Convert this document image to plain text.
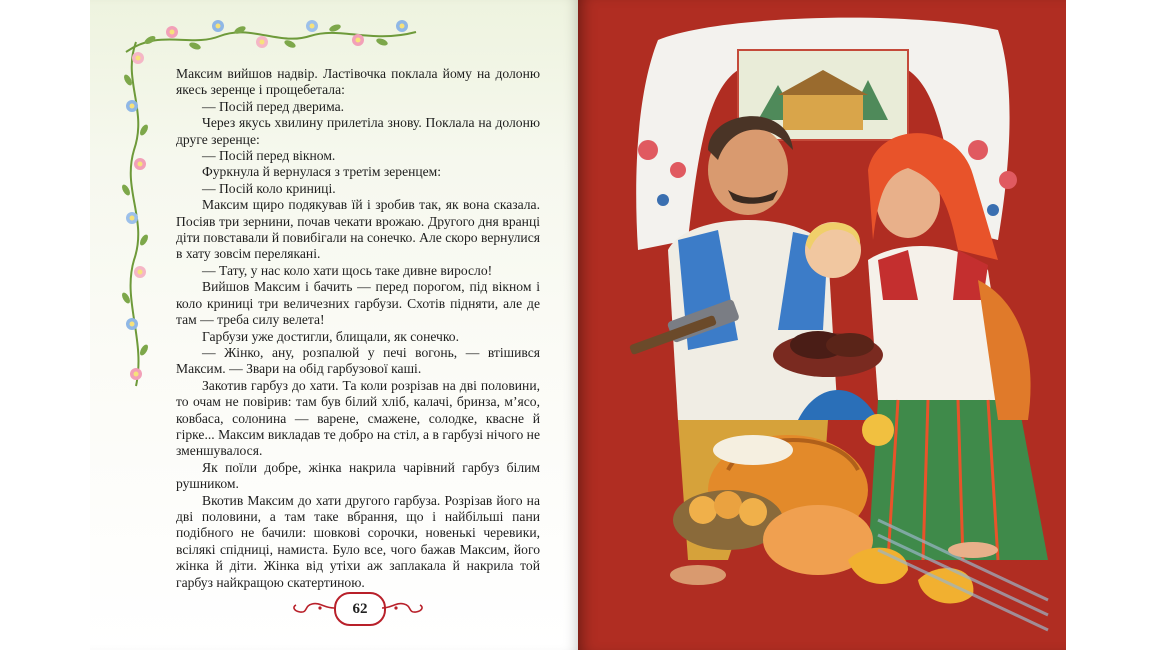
Максим вийшов надвір. Ластівочка поклала йому на долоню якесь зеренце і прощебетала:

— Посій перед дверима.

Через якусь хвилину прилетіла знову. Поклала на долоню друге зеренце:

— Посій перед вікном.

Фуркнула й вернулася з третім зеренцем:

— Посій коло криниці.

Максим щиро подякував їй і зробив так, як вона сказала. Посіяв три зернини, почав чекати врожаю. Другого дня вранці діти повставали й повибігали на сонечко. Але скоро вернулися в хату зовсім перелякані.

— Тату, у нас коло хати щось таке дивне виросло!

Вийшов Максим і бачить — перед порогом, під вікном і коло криниці три величезних гарбузи. Схотів підняти, але де там — треба силу велета!

Гарбузи уже достигли, блищали, як сонечко.

— Жінко, ану, розпалюй у печі вогонь, — втішився Максим. — Звари на обід гарбузової каші.

Закотив гарбуз до хати. Та коли розрізав на дві половини, то очам не повірив: там був білий хліб, калачі, бринза, м’ясо, ковбаса, солонина — варене, смажене, солодке, квасне й гірке... Максим викладав те добро на стіл, а в гарбузі нічого не зменшувалося.

Як поїли добре, жінка накрила чарівний гарбуз білим рушником.

Вкотив Максим до хати другого гарбуза. Розрізав його на дві половини, а там таке вбрання, що і найбільші пани подібного не бачили: шовкові сорочки, новенькі черевики, всілякі спідниці, намиста. Було все, чого бажав Максим, його жінка й діти. Жінка від утіхи аж заплакала й накрила той гарбуз найкращою скатертиною.

62
